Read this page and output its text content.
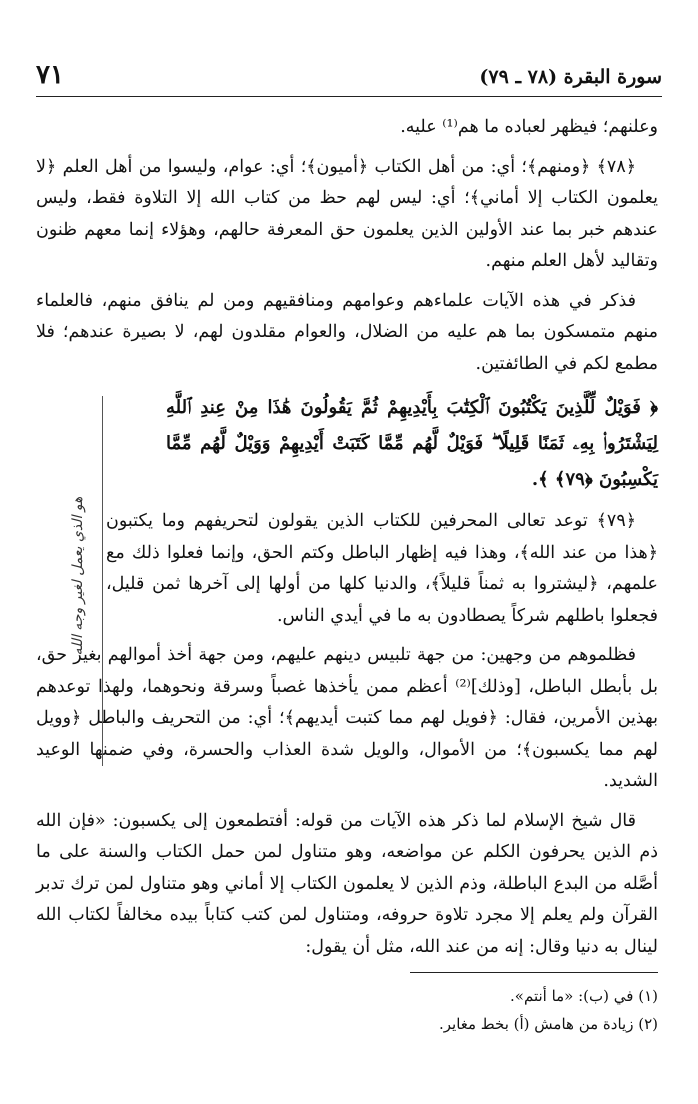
٧١	سورة البقرة (٧٨ ـ ٧٩)

وعلنهم؛ فيظهر لعباده ما هم⁽¹⁾ عليه.

﴿٧٨﴾ ﴿ومنهم﴾؛ أي: من أهل الكتاب ﴿أميون﴾؛ أي: عوام، وليسوا من أهل العلم ﴿لا يعلمون الكتاب إلا أماني﴾؛ أي: ليس لهم حظ من كتاب الله إلا التلاوة فقط، وليس عندهم خبر بما عند الأولين الذين يعلمون حق المعرفة حالهم، وهؤلاء إنما معهم ظنون وتقاليد لأهل العلم منهم.

فذكر في هذه الآيات علماءهم وعوامهم ومنافقيهم ومن لم ينافق منهم، فالعلماء منهم متمسكون بما هم عليه من الضلال، والعوام مقلدون لهم، لا بصيرة عندهم؛ فلا مطمع لكم في الطائفتين.

﴿ فَوَيْلٌ لِّلَّذِينَ يَكْتُبُونَ ٱلْكِتَٰبَ بِأَيْدِيهِمْ ثُمَّ يَقُولُونَ هَٰذَا مِنْ عِندِ ٱللَّهِ لِيَشْتَرُوا۟ بِهِۦ ثَمَنًا قَلِيلًا ۖ فَوَيْلٌ لَّهُم مِّمَّا كَتَبَتْ أَيْدِيهِمْ وَوَيْلٌ لَّهُم مِّمَّا يَكْسِبُونَ ﴿٧٩﴾ ﴾.

﴿٧٩﴾ توعد تعالى المحرفين للكتاب الذين يقولون لتحريفهم وما يكتبون ﴿هذا من عند الله﴾، وهذا فيه إظهار الباطل وكتم الحق، وإنما فعلوا ذلك مع علمهم، ﴿ليشتروا به ثمناً قليلاً﴾، والدنيا كلها من أولها إلى آخرها ثمن قليل، فجعلوا باطلهم شركاً يصطادون به ما في أيدي الناس.

فظلموهم من وجهين: من جهة تلبيس دينهم عليهم، ومن جهة أخذ أموالهم بغير حق، بل بأبطل الباطل، [وذلك]⁽²⁾ أعظم ممن يأخذها غصباً وسرقة ونحوهما، ولهذا توعدهم بهذين الأمرين، فقال: ﴿فويل لهم مما كتبت أيديهم﴾؛ أي: من التحريف والباطل ﴿وويل لهم مما يكسبون﴾؛ من الأموال، والويل شدة العذاب والحسرة، وفي ضمنها الوعيد الشديد.

قال شيخ الإسلام لما ذكر هذه الآيات من قوله: أفتطمعون إلى يكسبون: «فإن الله ذم الذين يحرفون الكلم عن مواضعه، وهو متناول لمن حمل الكتاب والسنة على ما أصَّله من البدع الباطلة، وذم الذين لا يعلمون الكتاب إلا أماني وهو متناول لمن ترك تدبر القرآن ولم يعلم إلا مجرد تلاوة حروفه، ومتناول لمن كتب كتاباً بيده مخالفاً لكتاب الله لينال به دنيا وقال: إنه من عند الله، مثل أن يقول:

هو الذي يعمل لغير وجه الله
(١) في (ب): «ما أنتم».
(٢) زيادة من هامش (أ) بخط مغاير.
